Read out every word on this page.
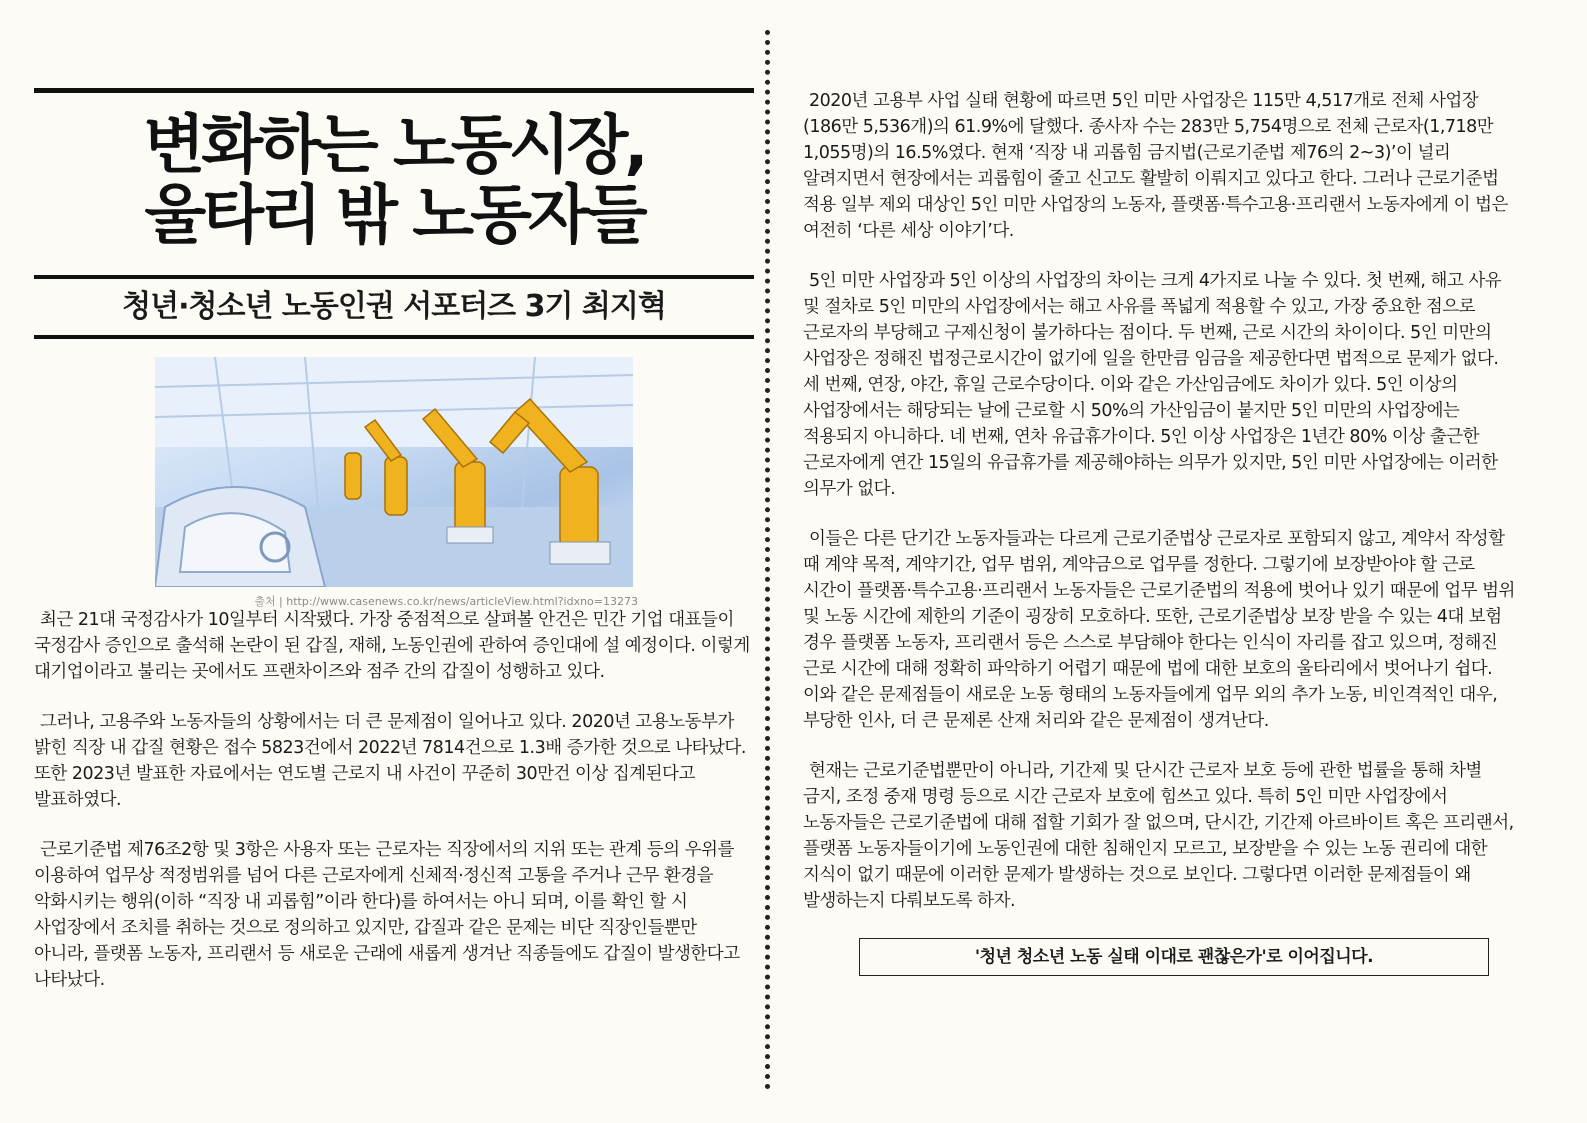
변화하는 노동시장,
울타리 밖 노동자들
청년·청소년 노동인권 서포터즈 3기 최지혁
출처 | http://www.casenews.co.kr/news/articleView.html?idxno=13273

최근 21대 국정감사가 10일부터 시작됐다. 가장 중점적으로 살펴볼 안건은 민간 기업 대표들이 국정감사 증인으로 출석해 논란이 된 갑질, 재해, 노동인권에 관하여 증인대에 설 예정이다. 이렇게 대기업이라고 불리는 곳에서도 프랜차이즈와 점주 간의 갑질이 성행하고 있다.

그러나, 고용주와 노동자들의 상황에서는 더 큰 문제점이 일어나고 있다. 2020년 고용노동부가 밝힌 직장 내 갑질 현황은 접수 5823건에서 2022년 7814건으로 1.3배 증가한 것으로 나타났다. 또한 2023년 발표한 자료에서는 연도별 근로지 내 사건이 꾸준히 30만건 이상 집계된다고 발표하였다.

근로기준법 제76조2항 및 3항은 사용자 또는 근로자는 직장에서의 지위 또는 관계 등의 우위를 이용하여 업무상 적정범위를 넘어 다른 근로자에게 신체적·정신적 고통을 주거나 근무 환경을 악화시키는 행위(이하 “직장 내 괴롭힘”이라 한다)를 하여서는 아니 되며, 이를 확인 할 시 사업장에서 조치를 취하는 것으로 정의하고 있지만, 갑질과 같은 문제는 비단 직장인들뿐만 아니라, 플랫폼 노동자, 프리랜서 등 새로운 근래에 새롭게 생겨난 직종들에도 갑질이 발생한다고 나타났다.

2020년 고용부 사업 실태 현황에 따르면 5인 미만 사업장은 115만 4,517개로 전체 사업장(186만 5,536개)의 61.9%에 달했다. 종사자 수는 283만 5,754명으로 전체 근로자(1,718만 1,055명)의 16.5%였다. 현재 ‘직장 내 괴롭힘 금지법(근로기준법 제76의 2~3)’이 널리 알려지면서 현장에서는 괴롭힘이 줄고 신고도 활발히 이뤄지고 있다고 한다. 그러나 근로기준법 적용 일부 제외 대상인 5인 미만 사업장의 노동자, 플랫폼·특수고용·프리랜서 노동자에게 이 법은 여전히 ‘다른 세상 이야기’다.

5인 미만 사업장과 5인 이상의 사업장의 차이는 크게 4가지로 나눌 수 있다. 첫 번째, 해고 사유 및 절차로 5인 미만의 사업장에서는 해고 사유를 폭넓게 적용할 수 있고, 가장 중요한 점으로 근로자의 부당해고 구제신청이 불가하다는 점이다. 두 번째, 근로 시간의 차이이다. 5인 미만의 사업장은 정해진 법정근로시간이 없기에 일을 한만큼 임금을 제공한다면 법적으로 문제가 없다. 세 번째, 연장, 야간, 휴일 근로수당이다. 이와 같은 가산임금에도 차이가 있다. 5인 이상의 사업장에서는 해당되는 날에 근로할 시 50%의 가산임금이 붙지만 5인 미만의 사업장에는 적용되지 아니하다. 네 번째, 연차 유급휴가이다. 5인 이상 사업장은 1년간 80% 이상 출근한 근로자에게 연간 15일의 유급휴가를 제공해야하는 의무가 있지만, 5인 미만 사업장에는 이러한 의무가 없다.

이들은 다른 단기간 노동자들과는 다르게 근로기준법상 근로자로 포함되지 않고, 계약서 작성할 때 계약 목적, 계약기간, 업무 범위, 계약금으로 업무를 정한다. 그렇기에 보장받아야 할 근로 시간이 플랫폼·특수고용·프리랜서 노동자들은 근로기준법의 적용에 벗어나 있기 때문에 업무 범위 및 노동 시간에 제한의 기준이 굉장히 모호하다. 또한, 근로기준법상 보장 받을 수 있는 4대 보험 경우 플랫폼 노동자, 프리랜서 등은 스스로 부담해야 한다는 인식이 자리를 잡고 있으며, 정해진 근로 시간에 대해 정확히 파악하기 어렵기 때문에 법에 대한 보호의 울타리에서 벗어나기 쉽다. 이와 같은 문제점들이 새로운 노동 형태의 노동자들에게 업무 외의 추가 노동, 비인격적인 대우, 부당한 인사, 더 큰 문제론 산재 처리와 같은 문제점이 생겨난다.

현재는 근로기준법뿐만이 아니라, 기간제 및 단시간 근로자 보호 등에 관한 법률을 통해 차별 금지, 조정 중재 명령 등으로 시간 근로자 보호에 힘쓰고 있다. 특히 5인 미만 사업장에서 노동자들은 근로기준법에 대해 접할 기회가 잘 없으며, 단시간, 기간제 아르바이트 혹은 프리랜서, 플랫폼 노동자들이기에 노동인권에 대한 침해인지 모르고, 보장받을 수 있는 노동 권리에 대한 지식이 없기 때문에 이러한 문제가 발생하는 것으로 보인다. 그렇다면 이러한 문제점들이 왜 발생하는지 다뤄보도록 하자.

'청년 청소년 노동 실태 이대로 괜찮은가'로 이어집니다.
